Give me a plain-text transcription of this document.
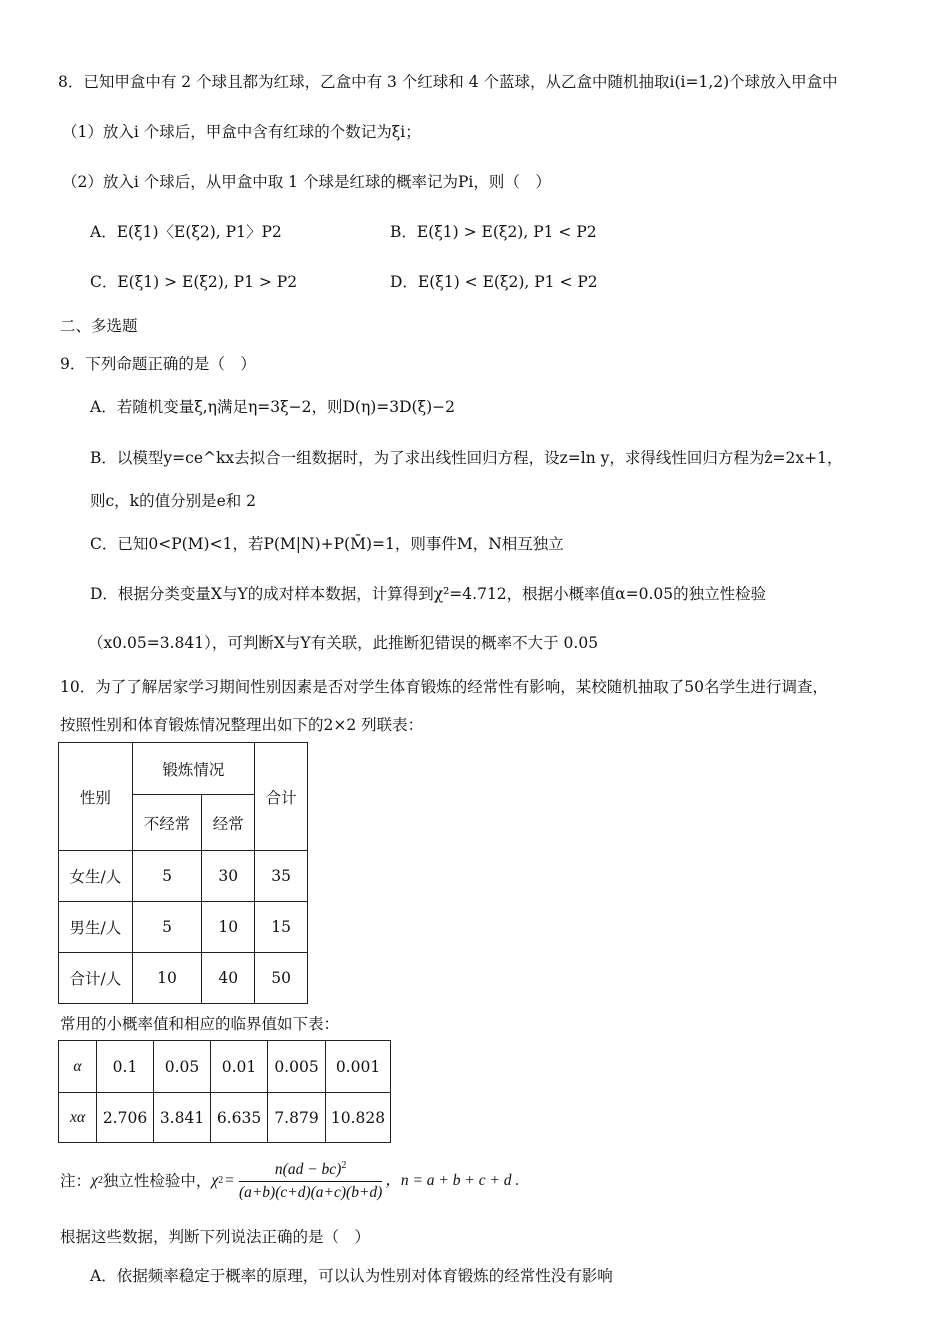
8．已知甲盒中有 2 个球且都为红球，乙盒中有 3 个红球和 4 个蓝球，从乙盒中随机抽取i(i=1,2)个球放入甲盒中
（1）放入i 个球后，甲盒中含有红球的个数记为ξi；
（2）放入i 个球后，从甲盒中取 1 个球是红球的概率记为Pi，则（　）
A．E(ξ1)〈E(ξ2), P1〉P2	B．E(ξ1) > E(ξ2), P1 < P2
C．E(ξ1) > E(ξ2), P1 > P2	D．E(ξ1) < E(ξ2), P1 < P2
二、多选题
9．下列命题正确的是（　）
A．若随机变量ξ,η满足η=3ξ−2，则D(η)=3D(ξ)−2
B．以模型y=ce^kx去拟合一组数据时，为了求出线性回归方程，设z=ln y，求得线性回归方程为ẑ=2x+1，
则c，k的值分别是e和 2
C．已知0<P(M)<1，若P(M|N)+P(M̄)=1，则事件M，N相互独立
D．根据分类变量X与Y的成对样本数据，计算得到χ²=4.712，根据小概率值α=0.05的独立性检验
（x0.05=3.841），可判断X与Y有关联，此推断犯错误的概率不大于 0.05
10．为了了解居家学习期间性别因素是否对学生体育锻炼的经常性有影响，某校随机抽取了50名学生进行调查，
按照性别和体育锻炼情况整理出如下的2×2 列联表：
性别	锻炼情况		合计
	不经常	经常	
女生/人	5	30	35
男生/人	5	10	15
合计/人	10	40	50
常用的小概率值和相应的临界值如下表：
α	0.1	0.05	0.01	0.005	0.001
xα	2.706	3.841	6.635	7.879	10.828
注： χ 2 独立性检验中， χ $2 = \frac{n(ad - bc)^2}{(a+b)(c+d)(a+c)(b+d)}$ ，n = a + b + c + d .
根据这些数据，判断下列说法正确的是（　）
A．依据频率稳定于概率的原理，可以认为性别对体育锻炼的经常性没有影响
